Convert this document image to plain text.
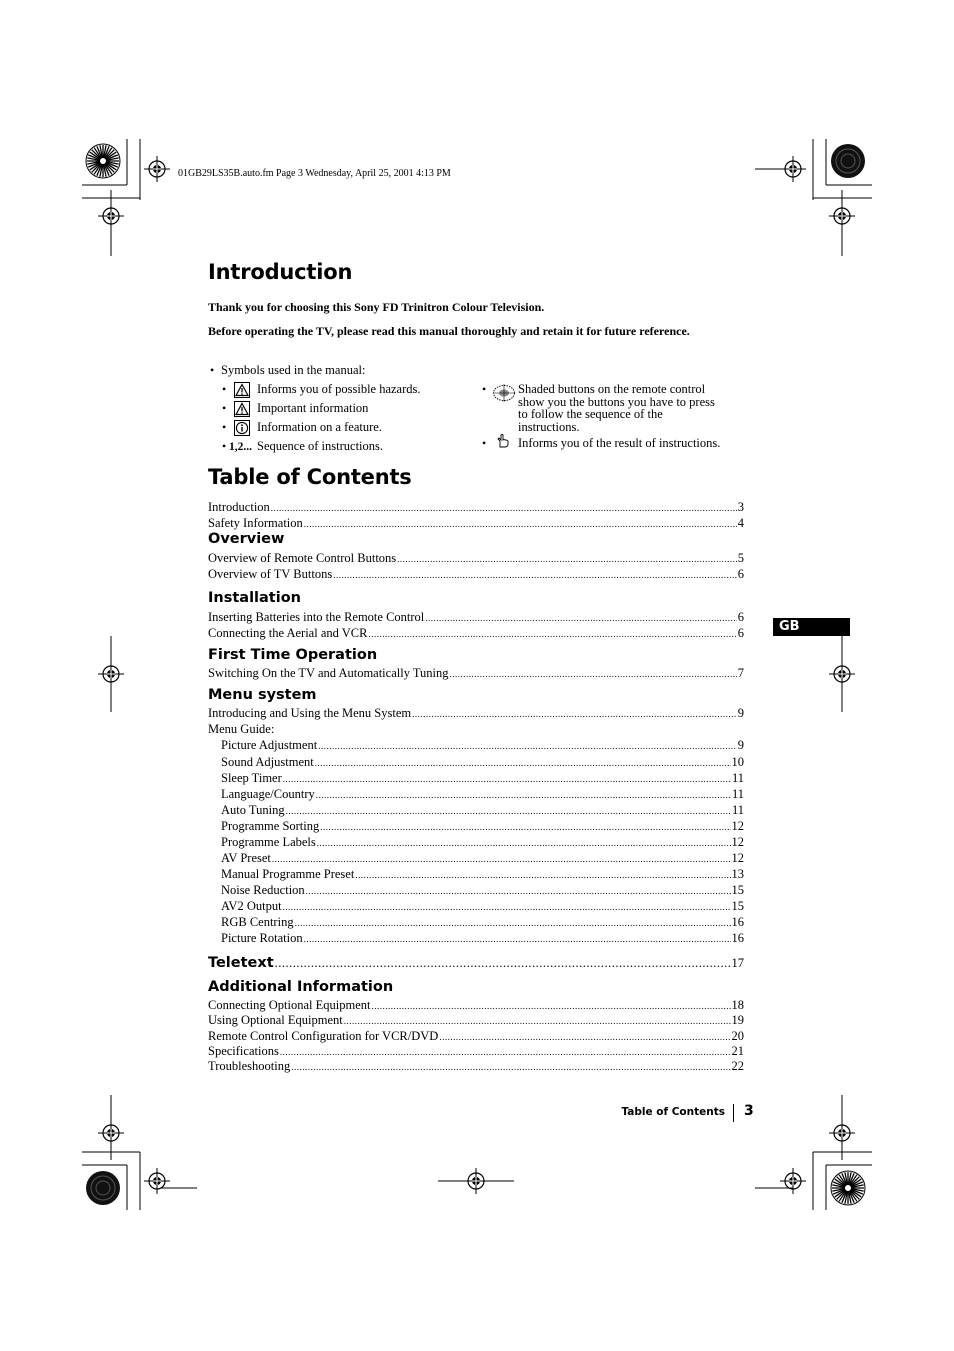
01GB29LS35B.auto.fm Page 3 Wednesday, April 25, 2001 4:13 PM
Introduction

Thank you for choosing this Sony FD Trinitron Colour Television.

Before operating the TV, please read this manual thoroughly and retain it for future reference.

• Symbols used in the manual:
• Informs you of possible hazards.
• Important information
• Information on a feature.
• 1,2... Sequence of instructions.
•	Shaded buttons on the remote control
show you the buttons you have to press
to follow the sequence of the
instructions.
•	Informs you of the result of instructions.
Table of Contents
Introduction .....	3
Safety Information .....	4
Overview
Overview of Remote Control Buttons .....	5
Overview of TV Buttons .....	6
Installation
Inserting Batteries into the Remote Control .....	6
Connecting the Aerial and VCR .....	6
First Time Operation
Switching On the TV and Automatically Tuning .....	7
Menu system
Introducing and Using the Menu System .....	9
Menu Guide:
Picture Adjustment .....	9
Sound Adjustment .....	10
Sleep Timer .....	11
Language/Country .....	11
Auto Tuning .....	11
Programme Sorting .....	12
Programme Labels .....	12
AV Preset .....	12
Manual Programme Preset .....	13
Noise Reduction .....	15
AV2 Output .....	15
RGB Centring .....	16
Picture Rotation .....	16
Teletext .....	17
Additional Information
Connecting Optional Equipment .....	18
Using Optional Equipment .....	19
Remote Control Configuration for VCR/DVD .....	20
Specifications .....	21
Troubleshooting .....	22
GB
Table of Contents 3
